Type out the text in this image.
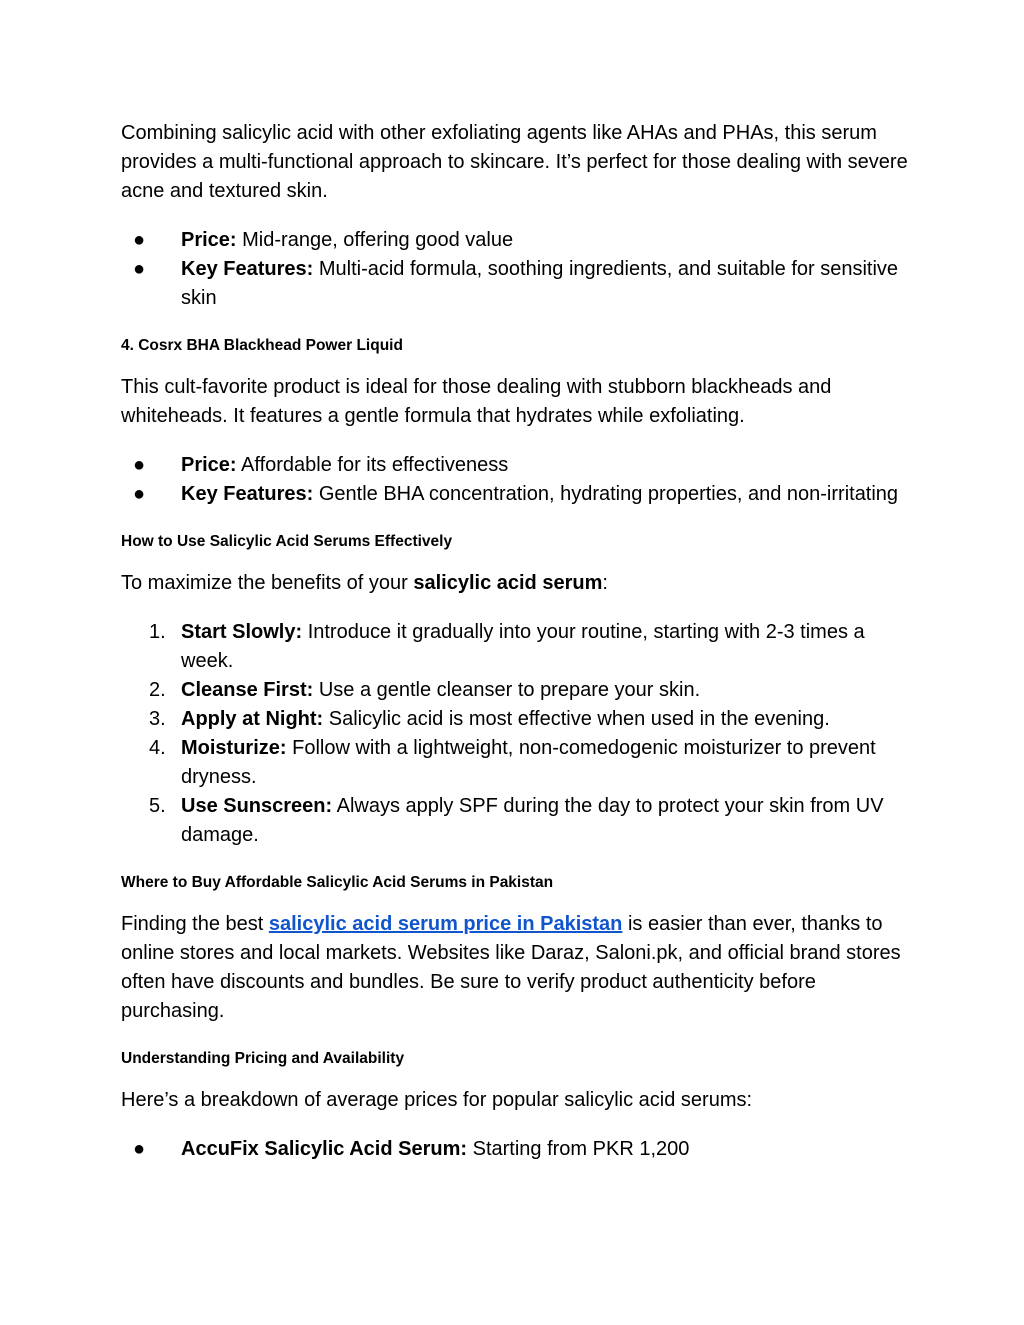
Combining salicylic acid with other exfoliating agents like AHAs and PHAs, this serum provides a multi-functional approach to skincare. It’s perfect for those dealing with severe acne and textured skin.

● Price: Mid-range, offering good value
● Key Features: Multi-acid formula, soothing ingredients, and suitable for sensitive skin
4. Cosrx BHA Blackhead Power Liquid

This cult-favorite product is ideal for those dealing with stubborn blackheads and whiteheads. It features a gentle formula that hydrates while exfoliating.

● Price: Affordable for its effectiveness
● Key Features: Gentle BHA concentration, hydrating properties, and non-irritating
How to Use Salicylic Acid Serums Effectively

To maximize the benefits of your salicylic acid serum:

1. Start Slowly: Introduce it gradually into your routine, starting with 2-3 times a week.
2. Cleanse First: Use a gentle cleanser to prepare your skin.
3. Apply at Night: Salicylic acid is most effective when used in the evening.
4. Moisturize: Follow with a lightweight, non-comedogenic moisturizer to prevent dryness.
5. Use Sunscreen: Always apply SPF during the day to protect your skin from UV damage.
Where to Buy Affordable Salicylic Acid Serums in Pakistan

Finding the best salicylic acid serum price in Pakistan is easier than ever, thanks to online stores and local markets. Websites like Daraz, Saloni.pk, and official brand stores often have discounts and bundles. Be sure to verify product authenticity before purchasing.

Understanding Pricing and Availability

Here’s a breakdown of average prices for popular salicylic acid serums:

● AccuFix Salicylic Acid Serum: Starting from PKR 1,200
